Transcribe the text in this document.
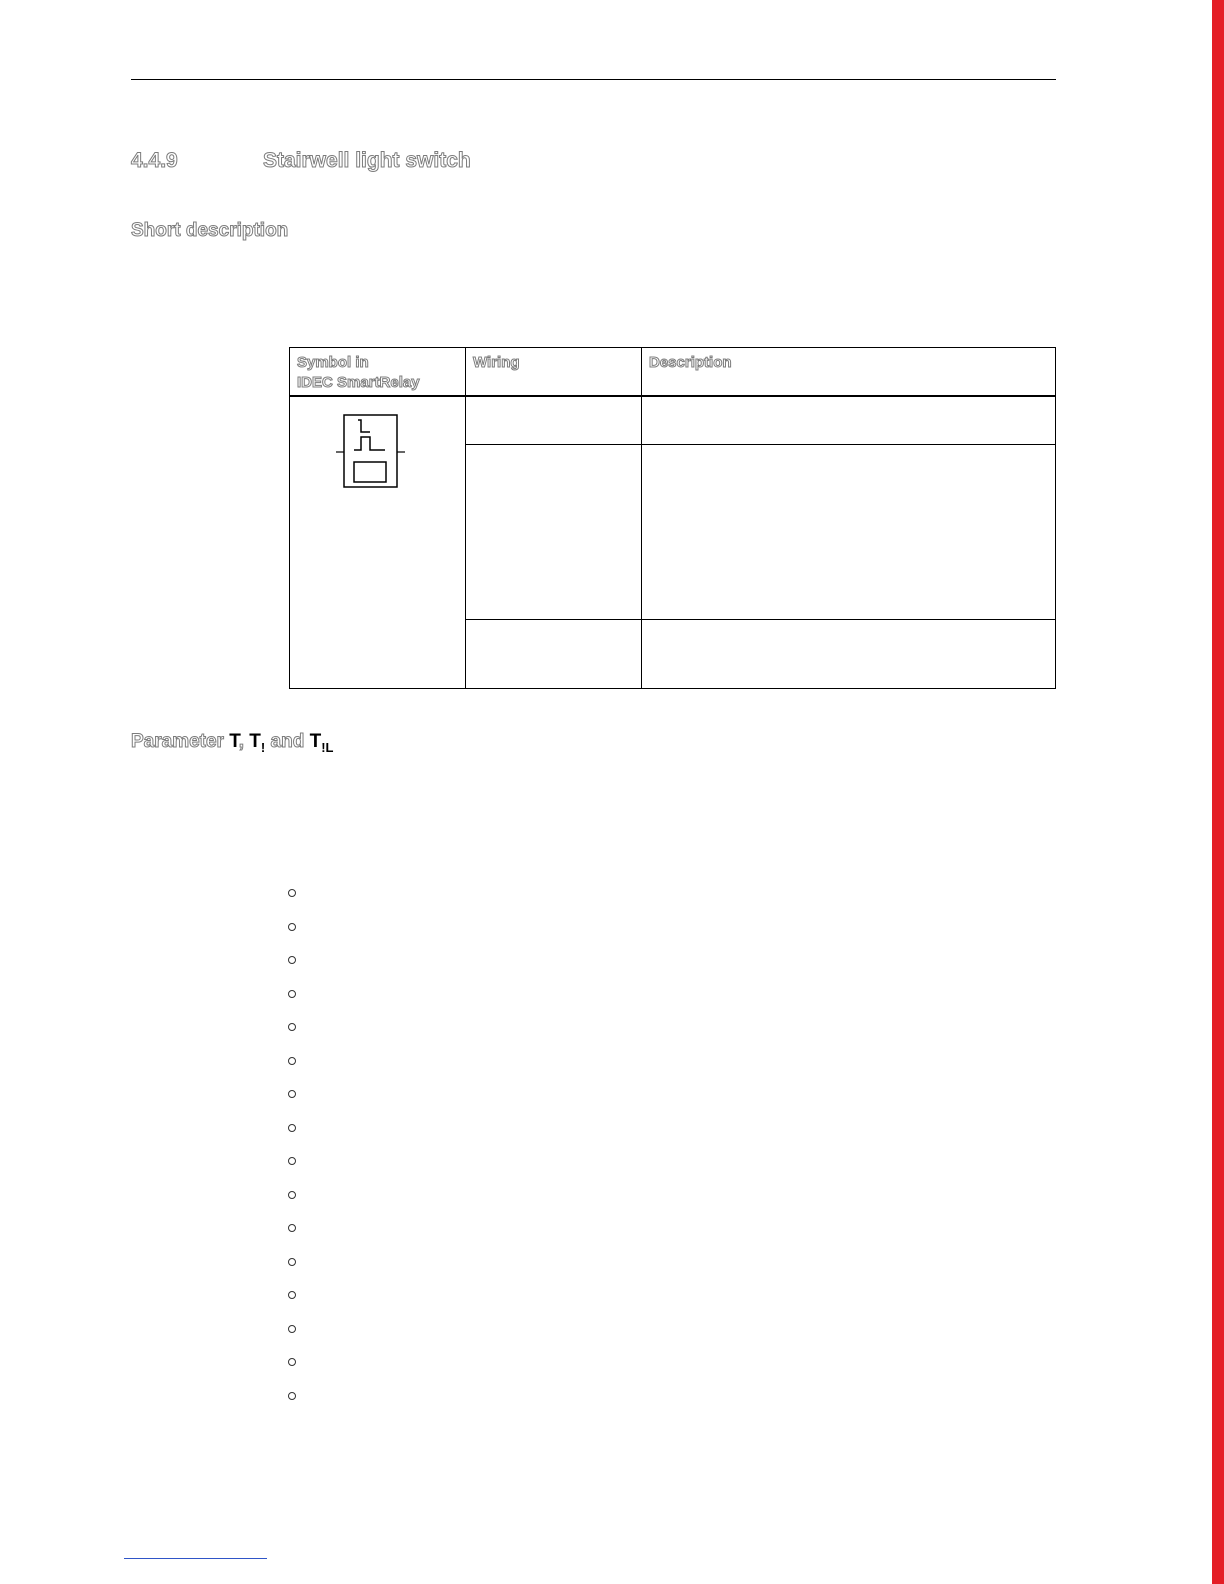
4.4.9	Stairwell light switch
Short description
Symbol in
IDEC SmartRelay
Wiring	Description
Parameter T, $T_!$ and $T_{!L}$
